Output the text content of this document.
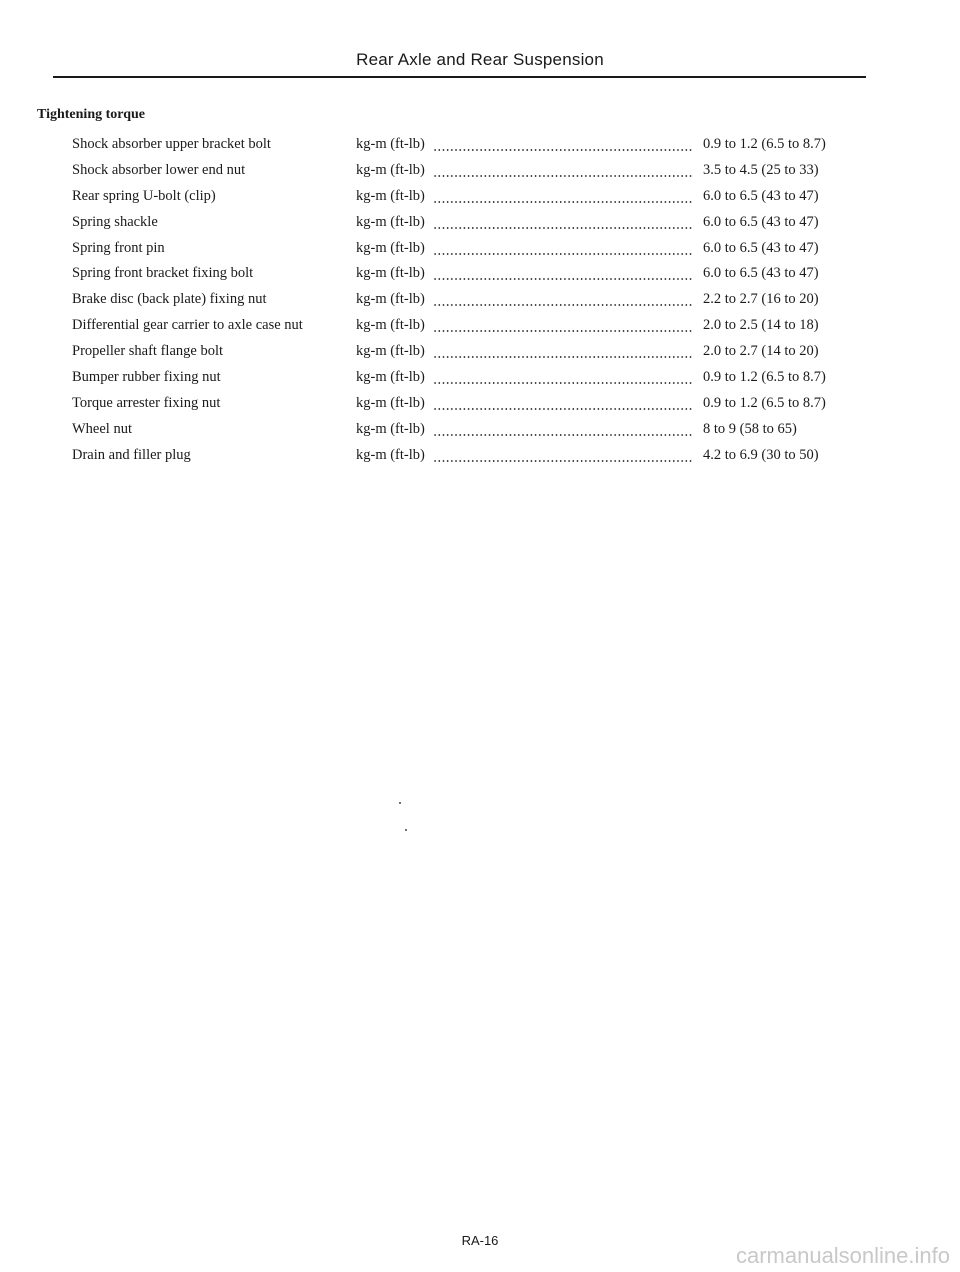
Rear Axle and Rear Suspension
Tightening torque
Shock absorber upper bracket bolt	kg-m (ft-lb)	0.9 to 1.2 (6.5 to 8.7)
Shock absorber lower end nut	kg-m (ft-lb)	3.5 to 4.5 (25 to 33)
Rear spring U-bolt (clip)	kg-m (ft-lb)	6.0 to 6.5 (43 to 47)
Spring shackle	kg-m (ft-lb)	6.0 to 6.5 (43 to 47)
Spring front pin	kg-m (ft-lb)	6.0 to 6.5 (43 to 47)
Spring front bracket fixing bolt	kg-m (ft-lb)	6.0 to 6.5 (43 to 47)
Brake disc (back plate) fixing nut	kg-m (ft-lb)	2.2 to 2.7 (16 to 20)
Differential gear carrier to axle case nut	kg-m (ft-lb)	2.0 to 2.5 (14 to 18)
Propeller shaft flange bolt	kg-m (ft-lb)	2.0 to 2.7 (14 to 20)
Bumper rubber fixing nut	kg-m (ft-lb)	0.9 to 1.2 (6.5 to 8.7)
Torque arrester fixing nut	kg-m (ft-lb)	0.9 to 1.2 (6.5 to 8.7)
Wheel nut	kg-m (ft-lb)	8 to 9 (58 to 65)
Drain and filler plug	kg-m (ft-lb)	4.2 to 6.9 (30 to 50)
RA-16
carmanualsonline.info
